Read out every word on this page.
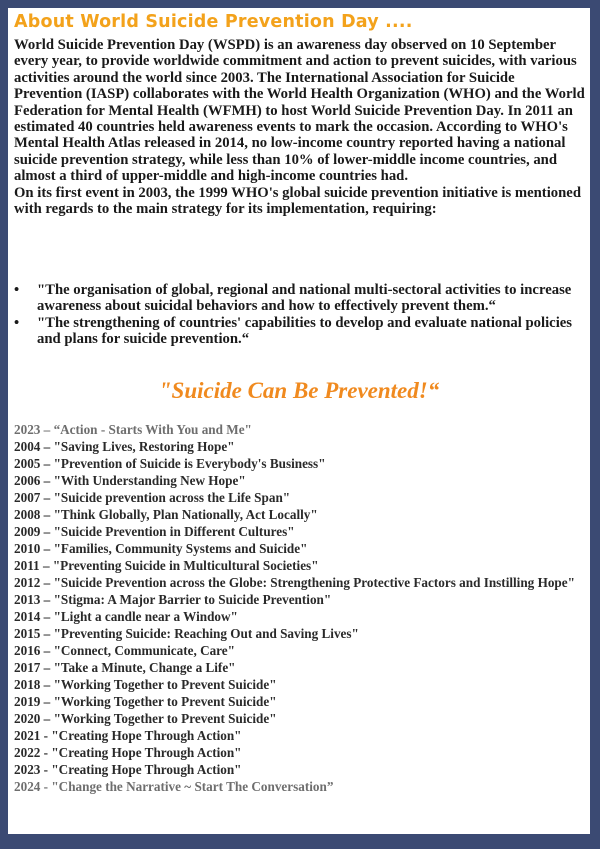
About World Suicide Prevention Day ....
World Suicide Prevention Day (WSPD) is an awareness day observed on 10 September every year, to provide worldwide commitment and action to prevent suicides, with various activities around the world since 2003. The International Association for Suicide Prevention (IASP) collaborates with the World Health Organization (WHO) and the World Federation for Mental Health (WFMH) to host World Suicide Prevention Day. In 2011 an estimated 40 countries held awareness events to mark the occasion. According to WHO's Mental Health Atlas released in 2014, no low-income country reported having a national suicide prevention strategy, while less than 10% of lower-middle income countries, and almost a third of upper-middle and high-income countries had.
On its first event in 2003, the 1999 WHO's global suicide prevention initiative is mentioned with regards to the main strategy for its implementation, requiring:
• "The organisation of global, regional and national multi-sectoral activities to increase awareness about suicidal behaviors and how to effectively prevent them.“
• "The strengthening of countries' capabilities to develop and evaluate national policies and plans for suicide prevention.“
"Suicide Can Be Prevented!“
2023 – “Action - Starts With You and Me"
2004 – "Saving Lives, Restoring Hope"
2005 – "Prevention of Suicide is Everybody's Business"
2006 – "With Understanding New Hope"
2007 – "Suicide prevention across the Life Span"
2008 – "Think Globally, Plan Nationally, Act Locally"
2009 – "Suicide Prevention in Different Cultures"
2010 – "Families, Community Systems and Suicide"
2011 – "Preventing Suicide in Multicultural Societies"
2012 – "Suicide Prevention across the Globe: Strengthening Protective Factors and Instilling Hope"
2013 – "Stigma: A Major Barrier to Suicide Prevention"
2014 – "Light a candle near a Window"
2015 – "Preventing Suicide: Reaching Out and Saving Lives"
2016 – "Connect, Communicate, Care"
2017 – "Take a Minute, Change a Life"
2018 – "Working Together to Prevent Suicide"
2019 – "Working Together to Prevent Suicide"
2020 – "Working Together to Prevent Suicide"
2021 - "Creating Hope Through Action"
2022 - "Creating Hope Through Action"
2023 - "Creating Hope Through Action"
2024 - "Change the Narrative ~ Start The Conversation”
